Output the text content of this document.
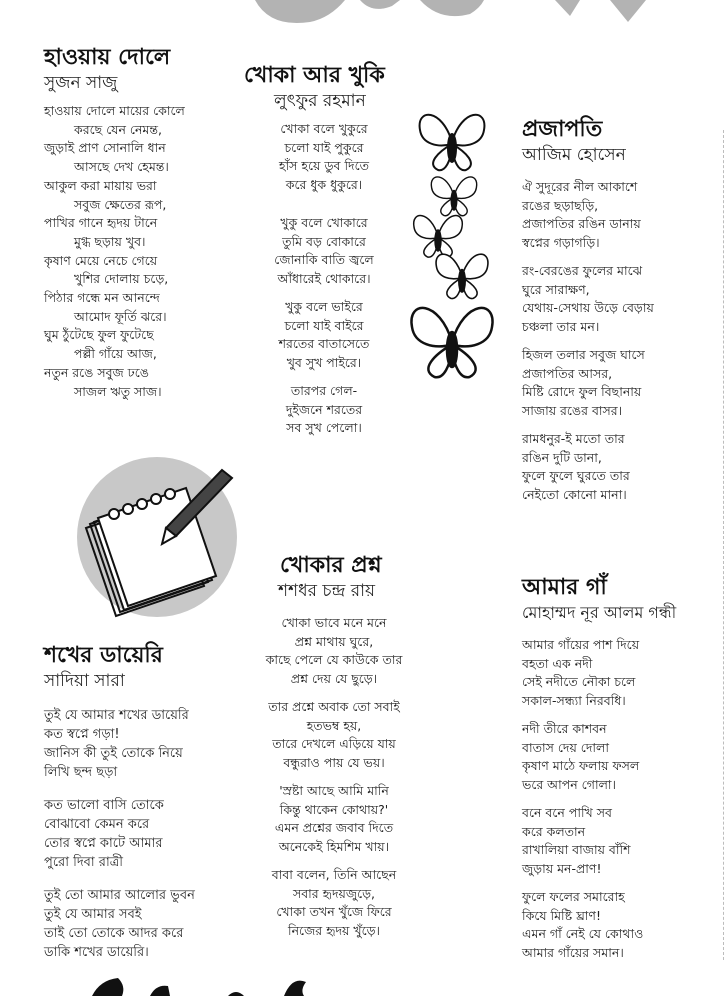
হাওয়ায় দোলে
সুজন সাজু
হাওয়ায় দোলে মায়ের কোলে
করছে যেন নেমন্ত,
জুড়াই প্রাণ সোনালি ধান
আসছে দেখ হেমন্ত।
আকুল করা মায়ায় ভরা
সবুজ ক্ষেতের রূপ,
পাখির গানে হৃদয় টানে
মুগ্ধ ছড়ায় খুব।
কৃষাণ মেয়ে নেচে গেয়ে
খুশির দোলায় চড়ে,
পিঠার গন্ধে মন আনন্দে
আমোদ ফূর্তি ঝরে।
ঘুম ঠুঁটেছে ফুল ফুটেছে
পল্লী গাঁয়ে আজ,
নতুন রঙে সবুজ ঢঙে
সাজল ঋতু সাজ।
খোকা আর খুকি
লুৎফুর রহমান
খোকা বলে খুকুরে
চলো যাই পুকুরে
হাঁস হয়ে ডুব দিতে
করে ধুক ধুকুরে।
খুকু বলে খোকারে
তুমি বড় বোকারে
জোনাকি বাতি জ্বলে
আঁধারেই থোকারে।
খুকু বলে ভাইরে
চলো যাই বাইরে
শরতের বাতাসেতে
খুব সুখ পাইরে।
তারপর গেল-
দুইজনে শরতের
সব সুখ পেলো।
প্রজাপতি
আজিম হোসেন
ঐ সুদূরের নীল আকাশে
রঙের ছড়াছড়ি,
প্রজাপতির রঙিন ডানায়
স্বপ্নের গড়াগড়ি।
রং-বেরঙের ফুলের মাঝে
ঘুরে সারাক্ষণ,
যেথায়-সেথায় উড়ে বেড়ায়
চঞ্চলা তার মন।
হিজল তলার সবুজ ঘাসে
প্রজাপতির আসর,
মিষ্টি রোদে ফুল বিছানায়
সাজায় রঙের বাসর।
রামধনুর-ই মতো তার
রঙিন দুটি ডানা,
ফুলে ফুলে ঘুরতে তার
নেইতো কোনো মানা।
খোকার প্রশ্ন
শশধর চন্দ্র রায়
খোকা ভাবে মনে মনে
প্রশ্ন মাথায় ঘুরে,
কাছে পেলে যে কাউকে তার
প্রশ্ন দেয় যে ছুড়ে।
তার প্রশ্নে অবাক তো সবাই
হতভম্ব হয়,
তারে দেখলে এড়িয়ে যায়
বন্ধুরাও পায় যে ভয়।
'স্রষ্টা আছে আমি মানি
কিন্তু থাকেন কোথায়?'
এমন প্রশ্নের জবাব দিতে
অনেকেই হিমশিম খায়।
বাবা বলেন, তিনি আছেন
সবার হৃদয়জুড়ে,
খোকা তখন খুঁজে ফিরে
নিজের হৃদয় খুঁড়ে।
আমার গাঁ
মোহাম্মদ নূর আলম গন্ধী
আমার গাঁয়ের পাশ দিয়ে
বহতা এক নদী
সেই নদীতে নৌকা চলে
সকাল-সন্ধ্যা নিরবধি।
নদী তীরে কাশবন
বাতাস দেয় দোলা
কৃষাণ মাঠে ফলায় ফসল
ভরে আপন গোলা।
বনে বনে পাখি সব
করে কলতান
রাখালিয়া বাজায় বাঁশি
জুড়ায় মন-প্রাণ!
ফুলে ফলের সমারোহ
কিযে মিষ্টি ঘ্রাণ!
এমন গাঁ নেই যে কোথাও
আমার গাঁয়ের সমান।
শখের ডায়েরি
সাদিয়া সারা
তুই যে আমার শখের ডায়েরি
কত স্বপ্নে গড়া!
জানিস কী তুই তোকে নিয়ে
লিখি ছন্দ ছড়া
কত ভালো বাসি তোকে
বোঝাবো কেমন করে
তোর স্বপ্নে কাটে আমার
পুরো দিবা রাত্রী
তুই তো আমার আলোর ভুবন
তুই যে আমার সবই
তাই তো তোকে আদর করে
ডাকি শখের ডায়েরি।
